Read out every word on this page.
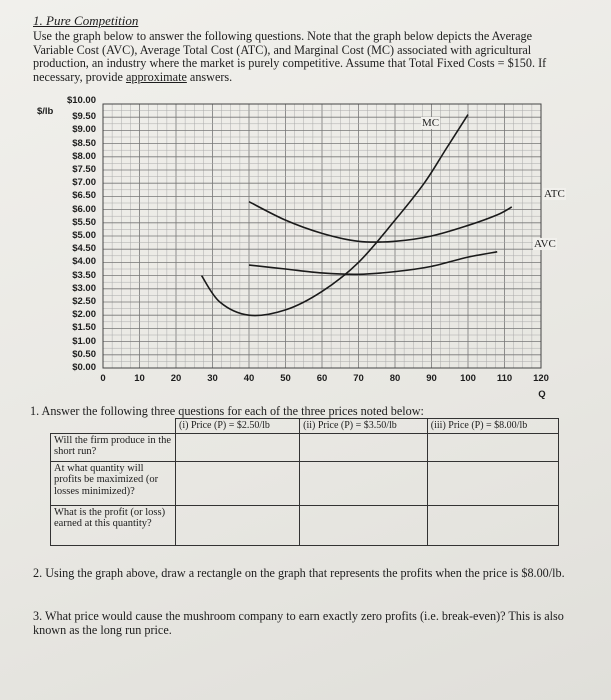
1. Pure Competition
Use the graph below to answer the following questions. Note that the graph below depicts the Average Variable Cost (AVC), Average Total Cost (ATC), and Marginal Cost (MC) associated with agricultural production, an industry where the market is purely competitive. Assume that Total Fixed Costs = $150. If necessary, provide approximate answers.
$/lb
$10.00
$9.50
$9.00
$8.50
$8.00
$7.50
$7.00
$6.50
$6.00
$5.50
$5.00
$4.50
$4.00
$3.50
$3.00
$2.50
$2.00
$1.50
$1.00
$0.50
$0.00
0	10	20	30	40	50	60	70	80	90	100	110	120
Q
MC
ATC
AVC
1. Answer the following three questions for each of the three prices noted below:
	(i) Price (P) = $2.50/lb	(ii) Price (P) = $3.50/lb	(iii) Price (P) = $8.00/lb
Will the firm produce in the short run?			
At what quantity will profits be maximized (or losses minimized)?			
What is the profit (or loss) earned at this quantity?			
2. Using the graph above, draw a rectangle on the graph that represents the profits when the price is $8.00/lb.
3. What price would cause the mushroom company to earn exactly zero profits (i.e. break-even)? This is also known as the long run price.
